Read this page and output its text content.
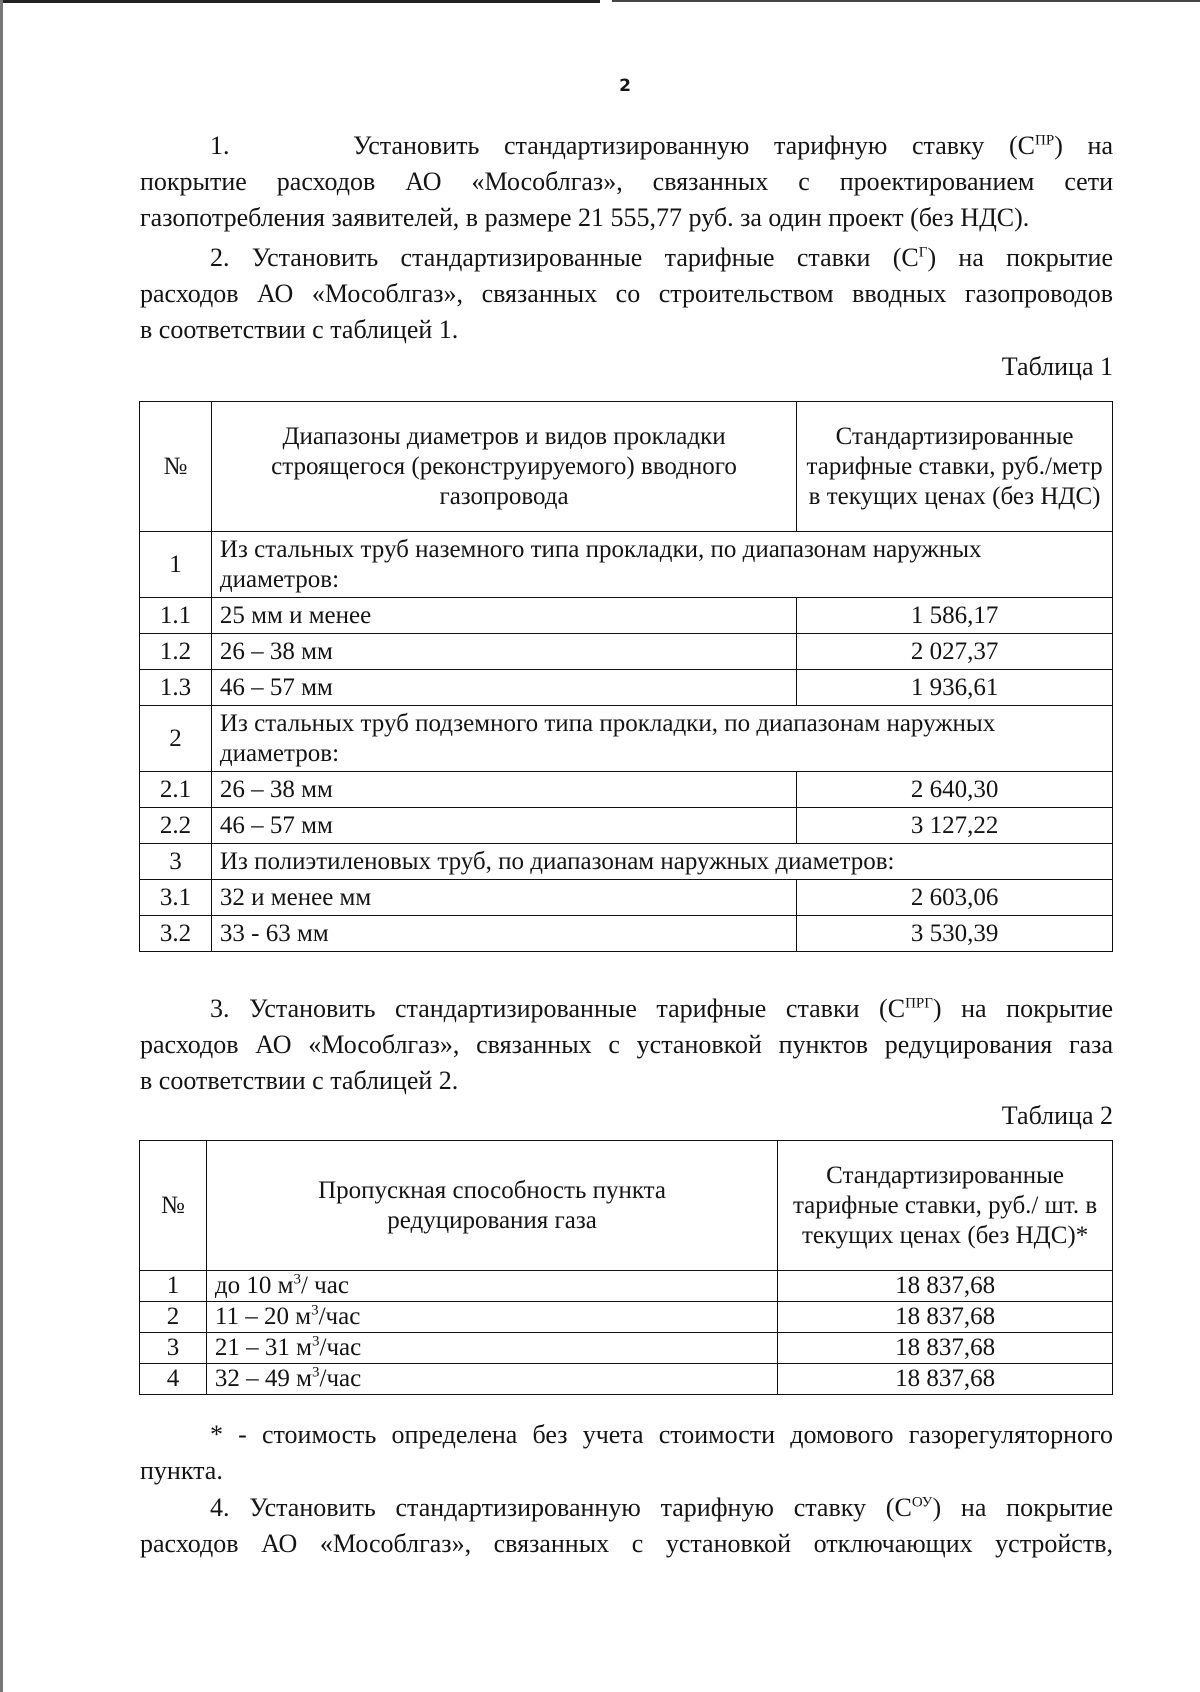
2
1.	Установить стандартизированную тарифную ставку $(С^{ПР})$ на
покрытие расходов АО «Мособлгаз», связанных с проектированием сети
газопотребления заявителей, в размере 21 555,77 руб. за один проект (без НДС).
2. Установить стандартизированные тарифные ставки $(С^Г)$ на покрытие
расходов АО «Мособлгаз», связанных со строительством вводных газопроводов
в соответствии с таблицей 1.
Таблица 1
№	Диапазоны диаметров и видов прокладки строящегося (реконструируемого) вводного газопровода	Стандартизированные тарифные ставки, руб./метр в текущих ценах (без НДС)
1	Из стальных труб наземного типа прокладки, по диапазонам наружных диаметров:	
1.1	25 мм и менее	1 586,17
1.2	26 – 38 мм	2 027,37
1.3	46 – 57 мм	1 936,61
2	Из стальных труб подземного типа прокладки, по диапазонам наружных диаметров:	
2.1	26 – 38 мм	2 640,30
2.2	46 – 57 мм	3 127,22
3	Из полиэтиленовых труб, по диапазонам наружных диаметров:	
3.1	32 и менее мм	2 603,06
3.2	33 - 63 мм	3 530,39
3. Установить стандартизированные тарифные ставки $(С^{ПРГ})$ на покрытие
расходов АО «Мособлгаз», связанных с установкой пунктов редуцирования газа
в соответствии с таблицей 2.
Таблица 2
№	Пропускная способность пункта редуцирования газа	Стандартизированные тарифные ставки, руб./ шт. в текущих ценах (без НДС)*
1	до 10 $м^3/$ час	18 837,68
2	11 – 20 $м^3$/час	18 837,68
3	21 – 31 $м^3$/час	18 837,68
4	32 – 49 $м^3$/час	18 837,68
* - стоимость определена без учета стоимости домового газорегуляторного
пункта.
4. Установить стандартизированную тарифную ставку $(С^{ОУ})$ на покрытие
расходов АО «Мособлгаз», связанных с установкой отключающих устройств,
